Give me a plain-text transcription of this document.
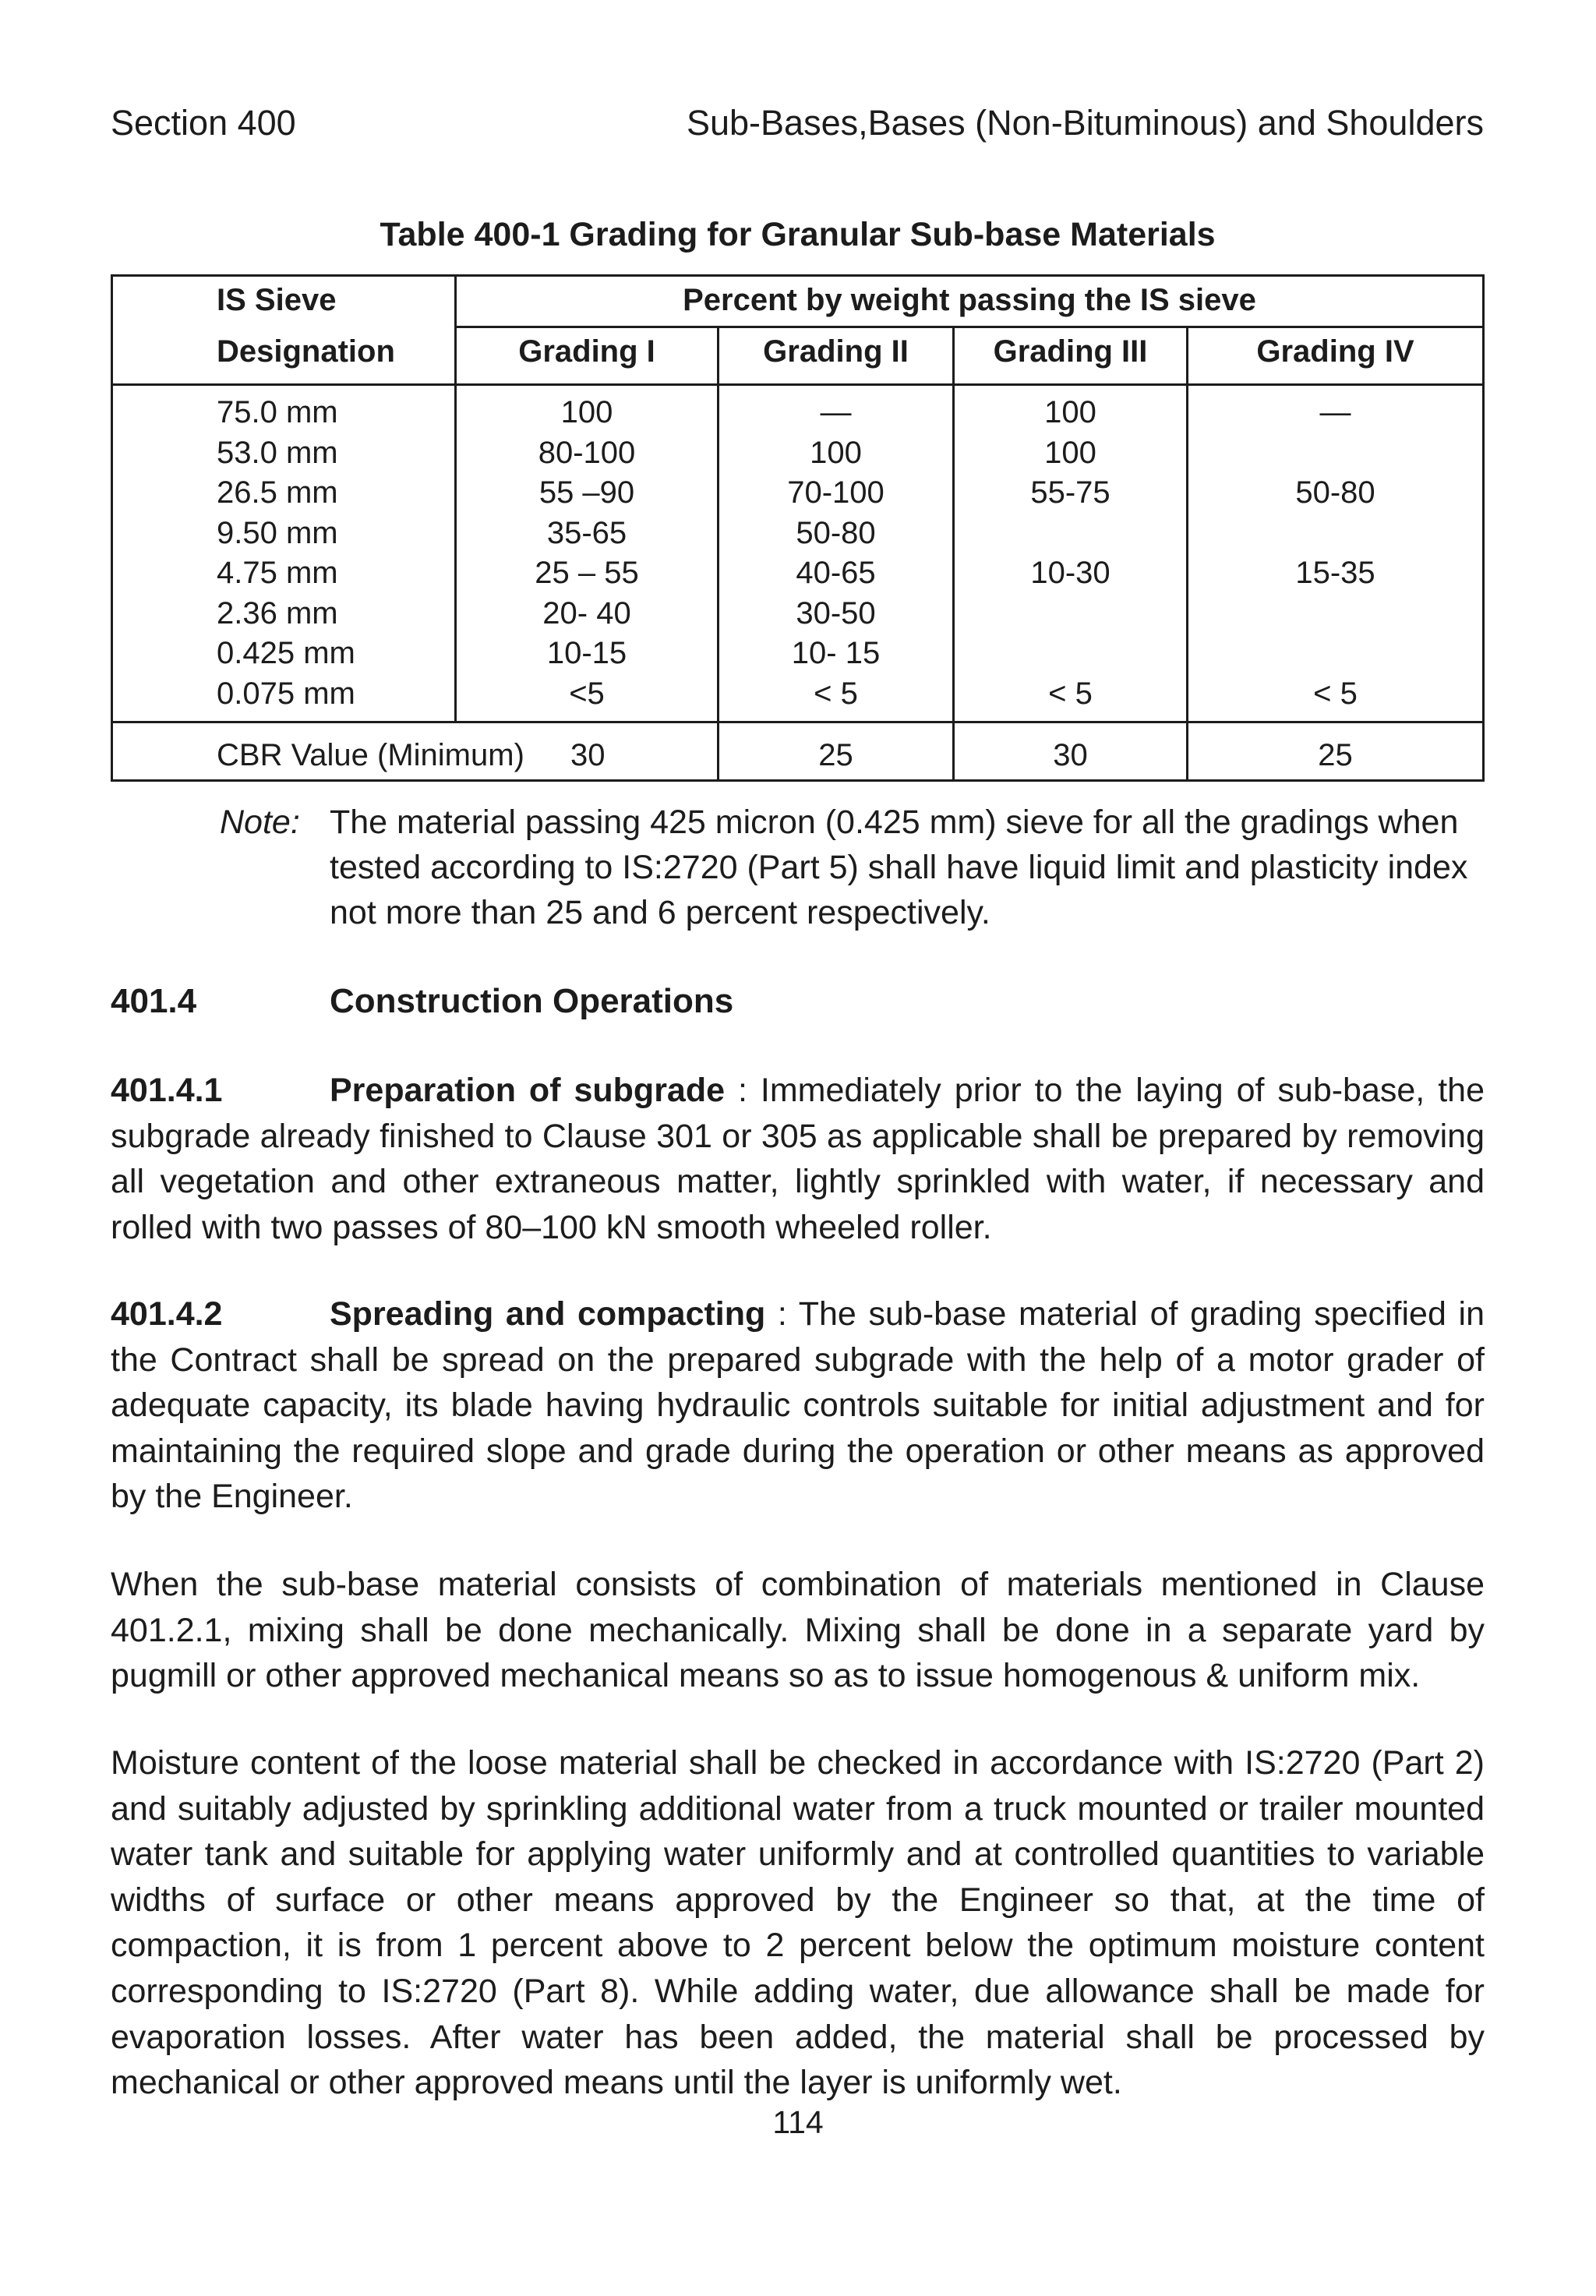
Section 400	Sub-Bases,Bases (Non-Bituminous) and Shoulders
Table 400-1 Grading for Granular Sub-base Materials
IS Sieve
Designation
Percent by weight passing the IS sieve
Grading I	Grading II	Grading III	Grading IV
75.0 mm	100	—	100	—
53.0 mm	80-100	100	100
26.5 mm	55 –90	70-100	55-75	50-80
9.50 mm	35-65	50-80
4.75 mm	25 – 55	40-65	10-30	15-35
2.36 mm	20- 40	30-50
0.425 mm	10-15	10- 15
0.075 mm	<5	< 5	< 5	< 5
CBR Value (Minimum) 30	25	30	25
Note: The material passing 425 micron (0.425 mm) sieve for all the gradings when
tested according to IS:2720 (Part 5) shall have liquid limit and plasticity index
not more than 25 and 6 percent respectively.
401.4	Construction Operations
401.4.1	Preparation of subgrade : Immediately prior to the laying of sub-base, the subgrade already finished to Clause 301 or 305 as applicable shall be prepared by removing all vegetation and other extraneous matter, lightly sprinkled with water, if necessary and rolled with two passes of 80–100 kN smooth wheeled roller.
401.4.2	Spreading and compacting : The sub-base material of grading specified in the Contract shall be spread on the prepared subgrade with the help of a motor grader of adequate capacity, its blade having hydraulic controls suitable for initial adjustment and for maintaining the required slope and grade during the operation or other means as approved by the Engineer.
When the sub-base material consists of combination of materials mentioned in Clause 401.2.1, mixing shall be done mechanically. Mixing shall be done in a separate yard by pugmill or other approved mechanical means so as to issue homogenous & uniform mix.
Moisture content of the loose material shall be checked in accordance with IS:2720 (Part 2) and suitably adjusted by sprinkling additional water from a truck mounted or trailer mounted water tank and suitable for applying water uniformly and at controlled quantities to variable widths of surface or other means approved by the Engineer so that, at the time of compaction, it is from 1 percent above to 2 percent below the optimum moisture content corresponding to IS:2720 (Part 8). While adding water, due allowance shall be made for evaporation losses. After water has been added, the material shall be processed by mechanical or other approved means until the layer is uniformly wet.
114
